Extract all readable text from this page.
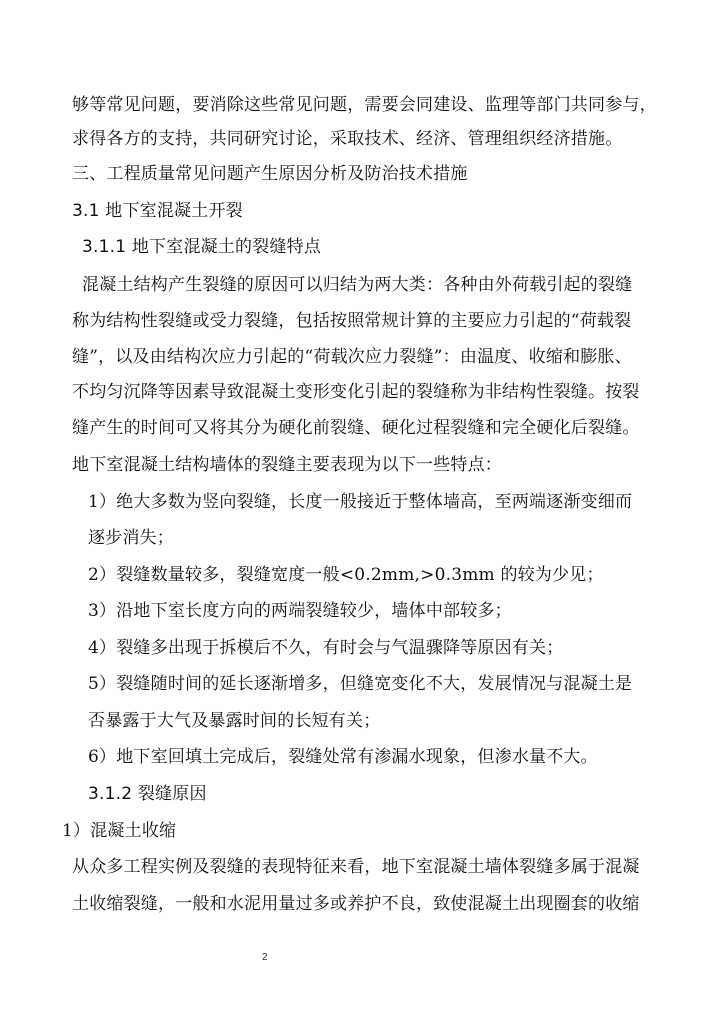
够等常见问题，要消除这些常见问题，需要会同建设、监理等部门共同参与，
求得各方的支持，共同研究讨论，采取技术、经济、管理组织经济措施。
三、工程质量常见问题产生原因分析及防治技术措施
3.1 地下室混凝土开裂
3.1.1 地下室混凝土的裂缝特点
混凝土结构产生裂缝的原因可以归结为两大类：各种由外荷载引起的裂缝
称为结构性裂缝或受力裂缝，包括按照常规计算的主要应力引起的“荷载裂
缝”，以及由结构次应力引起的“荷载次应力裂缝”：由温度、收缩和膨胀、
不均匀沉降等因素导致混凝土变形变化引起的裂缝称为非结构性裂缝。按裂
缝产生的时间可又将其分为硬化前裂缝、硬化过程裂缝和完全硬化后裂缝。
地下室混凝土结构墙体的裂缝主要表现为以下一些特点：
1）绝大多数为竖向裂缝，长度一般接近于整体墙高，至两端逐渐变细而
逐步消失；
2）裂缝数量较多，裂缝宽度一般<0.2mm,>0.3mm 的较为少见；
3）沿地下室长度方向的两端裂缝较少，墙体中部较多；
4）裂缝多出现于拆模后不久，有时会与气温骤降等原因有关；
5）裂缝随时间的延长逐渐增多，但缝宽变化不大，发展情况与混凝土是
否暴露于大气及暴露时间的长短有关；
6）地下室回填土完成后，裂缝处常有渗漏水现象，但渗水量不大。
3.1.2 裂缝原因
1）混凝土收缩
从众多工程实例及裂缝的表现特征来看，地下室混凝土墙体裂缝多属于混凝
土收缩裂缝，一般和水泥用量过多或养护不良，致使混凝土出现圈套的收缩
2
